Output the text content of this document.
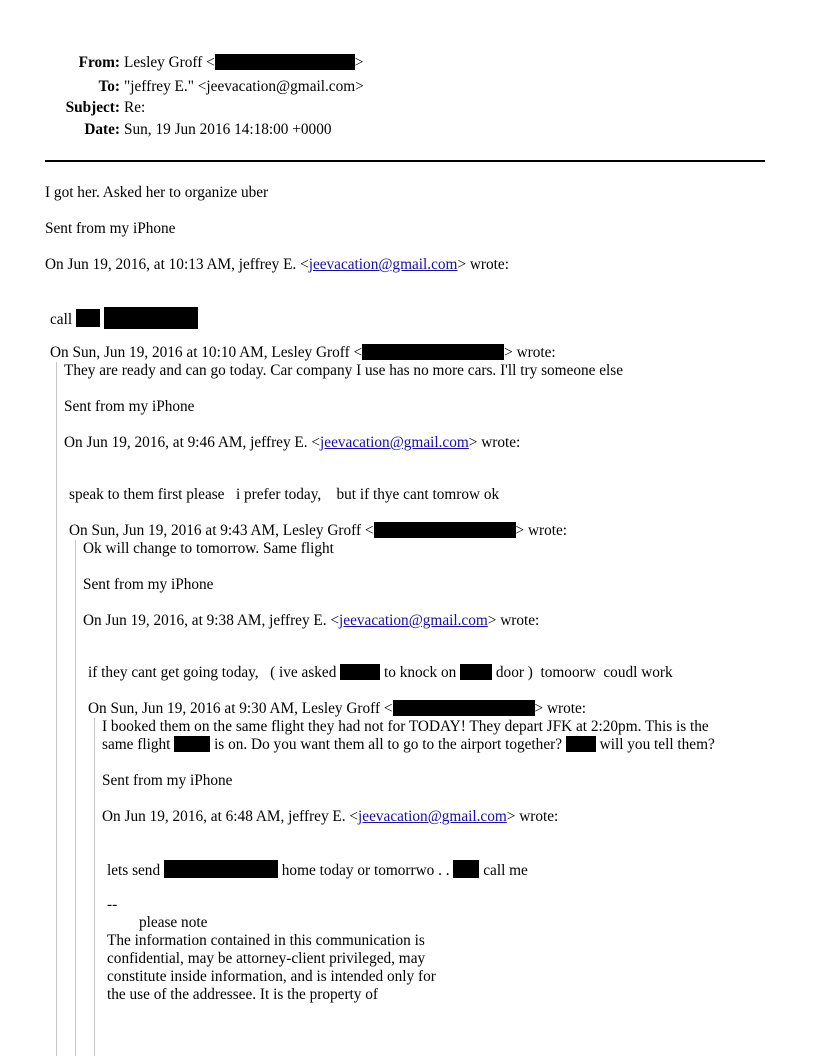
From: Lesley Groff <	>
To: "jeffrey E." <jeevacation@gmail.com>
Subject: Re:
Date: Sun, 19 Jun 2016 14:18:00 +0000
I got her. Asked her to organize uber
Sent from my iPhone
On Jun 19, 2016, at 10:13 AM, jeffrey E. <jeevacation@gmail.com> wrote:
call
On Sun, Jun 19, 2016 at 10:10 AM, Lesley Groff <	> wrote:
They are ready and can go today. Car company I use has no more cars. I'll try someone else
Sent from my iPhone
On Jun 19, 2016, at 9:46 AM, jeffrey E. <jeevacation@gmail.com> wrote:
speak to them first please   i prefer today,    but if thye cant tomrow ok
On Sun, Jun 19, 2016 at 9:43 AM, Lesley Groff <	> wrote:
Ok will change to tomorrow. Same flight
Sent from my iPhone
On Jun 19, 2016, at 9:38 AM, jeffrey E. <jeevacation@gmail.com> wrote:
if they cant get going today,   ( ive asked	to knock on	door )  tomoorw  coudl work
On Sun, Jun 19, 2016 at 9:30 AM, Lesley Groff <	> wrote:
I booked them on the same flight they had not for TODAY! They depart JFK at 2:20pm. This is the
same flight	is on. Do you want them all to go to the airport together? will you tell them?
Sent from my iPhone
On Jun 19, 2016, at 6:48 AM, jeffrey E. <jeevacation@gmail.com> wrote:
lets send	home today or tomorrwo . . call me
--
please note
The information contained in this communication is
confidential, may be attorney-client privileged, may
constitute inside information, and is intended only for
the use of the addressee. It is the property of
